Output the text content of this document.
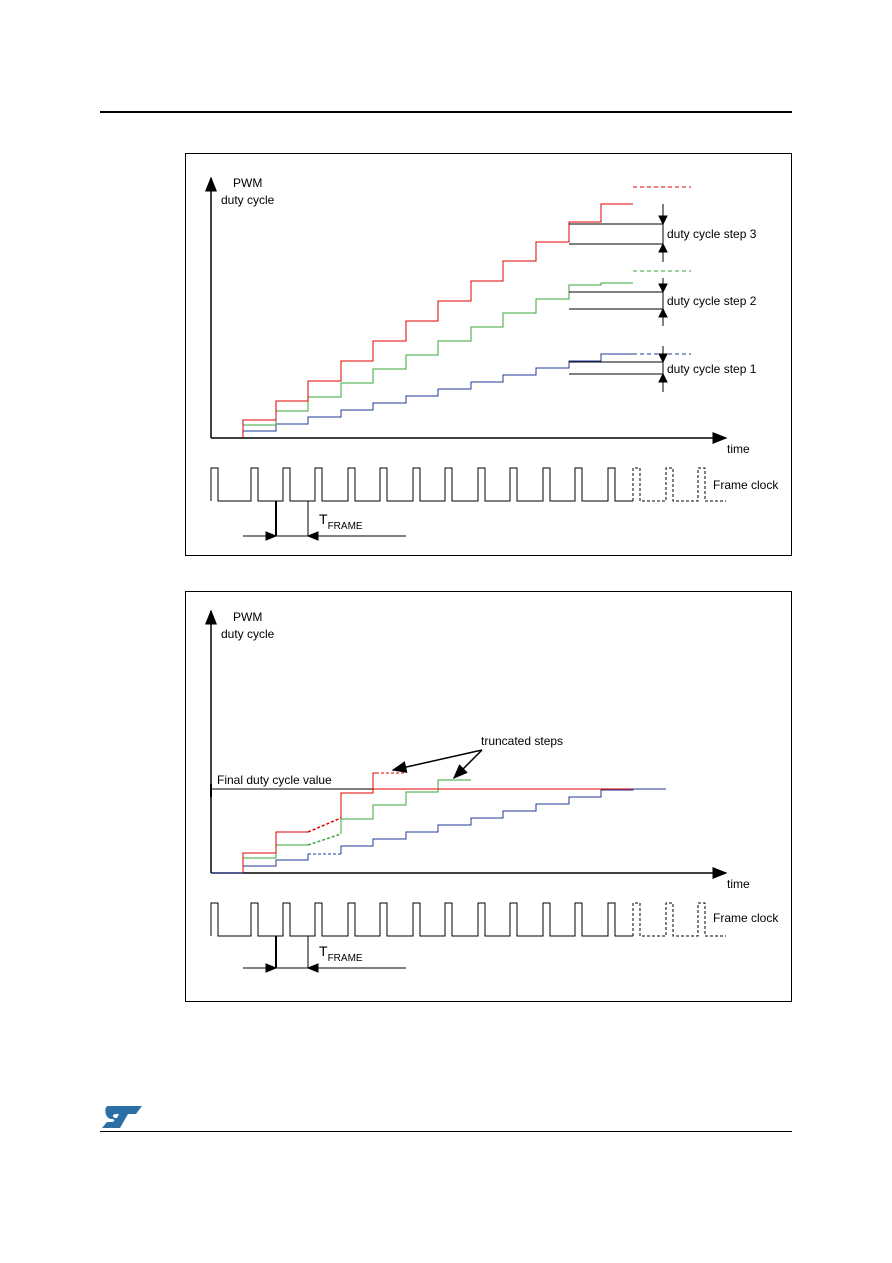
PWM
duty cycle
time
duty cycle step 3
duty cycle step 2
duty cycle step 1
Frame clock
$T_{FRAME}$
PWM
duty cycle
time
Final duty cycle value
truncated steps
Frame clock
$T_{FRAME}$
